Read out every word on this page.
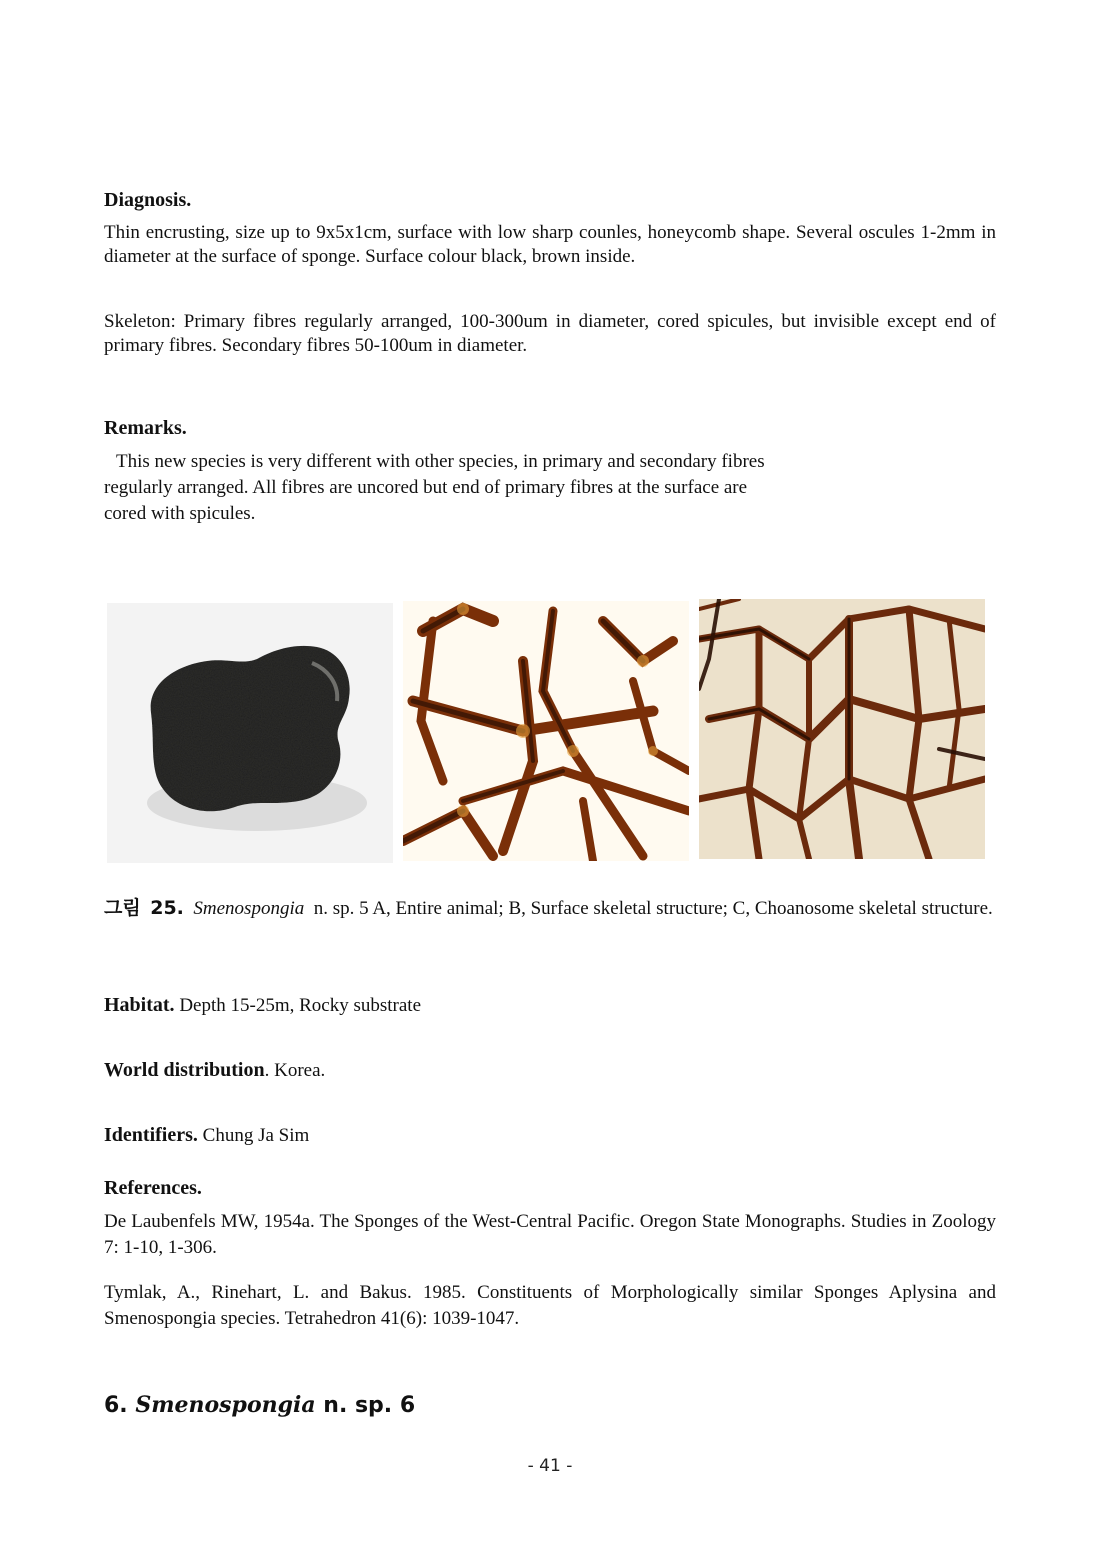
Diagnosis.

Thin encrusting, size up to 9x5x1cm, surface with low sharp counles, honeycomb shape. Several oscules 1-2mm in diameter at the surface of sponge. Surface colour black, brown inside.

Skeleton: Primary fibres regularly arranged, 100-300um in diameter, cored spicules, but invisible except end of primary fibres. Secondary fibres 50-100um in diameter.

Remarks.

This new species is very different with other species, in primary and secondary fibres

regularly arranged. All fibres are uncored but end of primary fibres at the surface are

cored with spicules.

그림 25. Smenospongia n. sp. 5 A, Entire animal; B, Surface skeletal structure; C, Choanosome skeletal structure.

Habitat. Depth 15-25m, Rocky substrate

World distribution. Korea.

Identifiers. Chung Ja Sim

References.

De Laubenfels MW, 1954a. The Sponges of the West-Central Pacific. Oregon State Monographs. Studies in Zoology 7: 1-10, 1-306.

Tymlak, A., Rinehart, L. and Bakus. 1985. Constituents of Morphologically similar Sponges Aplysina and Smenospongia species. Tetrahedron 41(6): 1039-1047.

6. Smenospongia n. sp. 6

- 41 -
